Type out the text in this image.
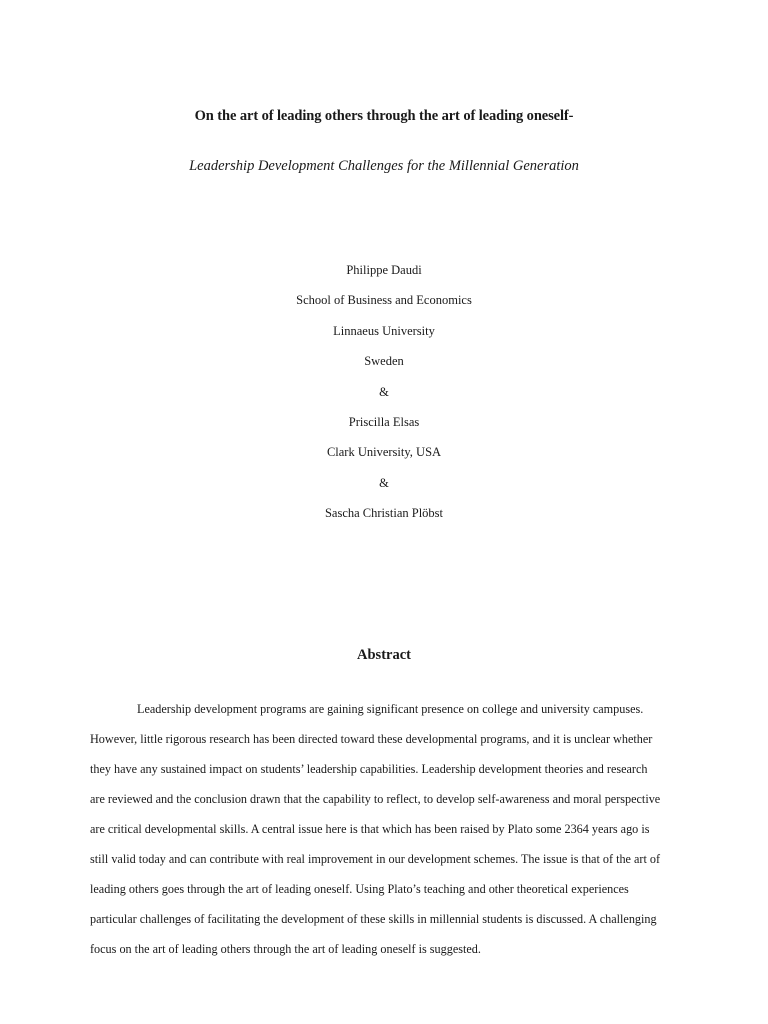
On the art of leading others through the art of leading oneself-
Leadership Development Challenges for the Millennial Generation
Philippe Daudi
School of Business and Economics
Linnaeus University
Sweden
&
Priscilla Elsas
Clark University, USA
&
Sascha Christian Plöbst
Abstract
Leadership development programs are gaining significant presence on college and university campuses.
However, little rigorous research has been directed toward these developmental programs, and it is unclear whether
they have any sustained impact on students’ leadership capabilities. Leadership development theories and research
are reviewed and the conclusion drawn that the capability to reflect, to develop self-awareness and moral perspective
are critical developmental skills. A central issue here is that which has been raised by Plato some 2364 years ago is
still valid today and can contribute with real improvement in our development schemes. The issue is that of the art of
leading others goes through the art of leading oneself. Using Plato’s teaching and other theoretical experiences
particular challenges of facilitating the development of these skills in millennial students is discussed. A challenging
focus on the art of leading others through the art of leading oneself is suggested.
